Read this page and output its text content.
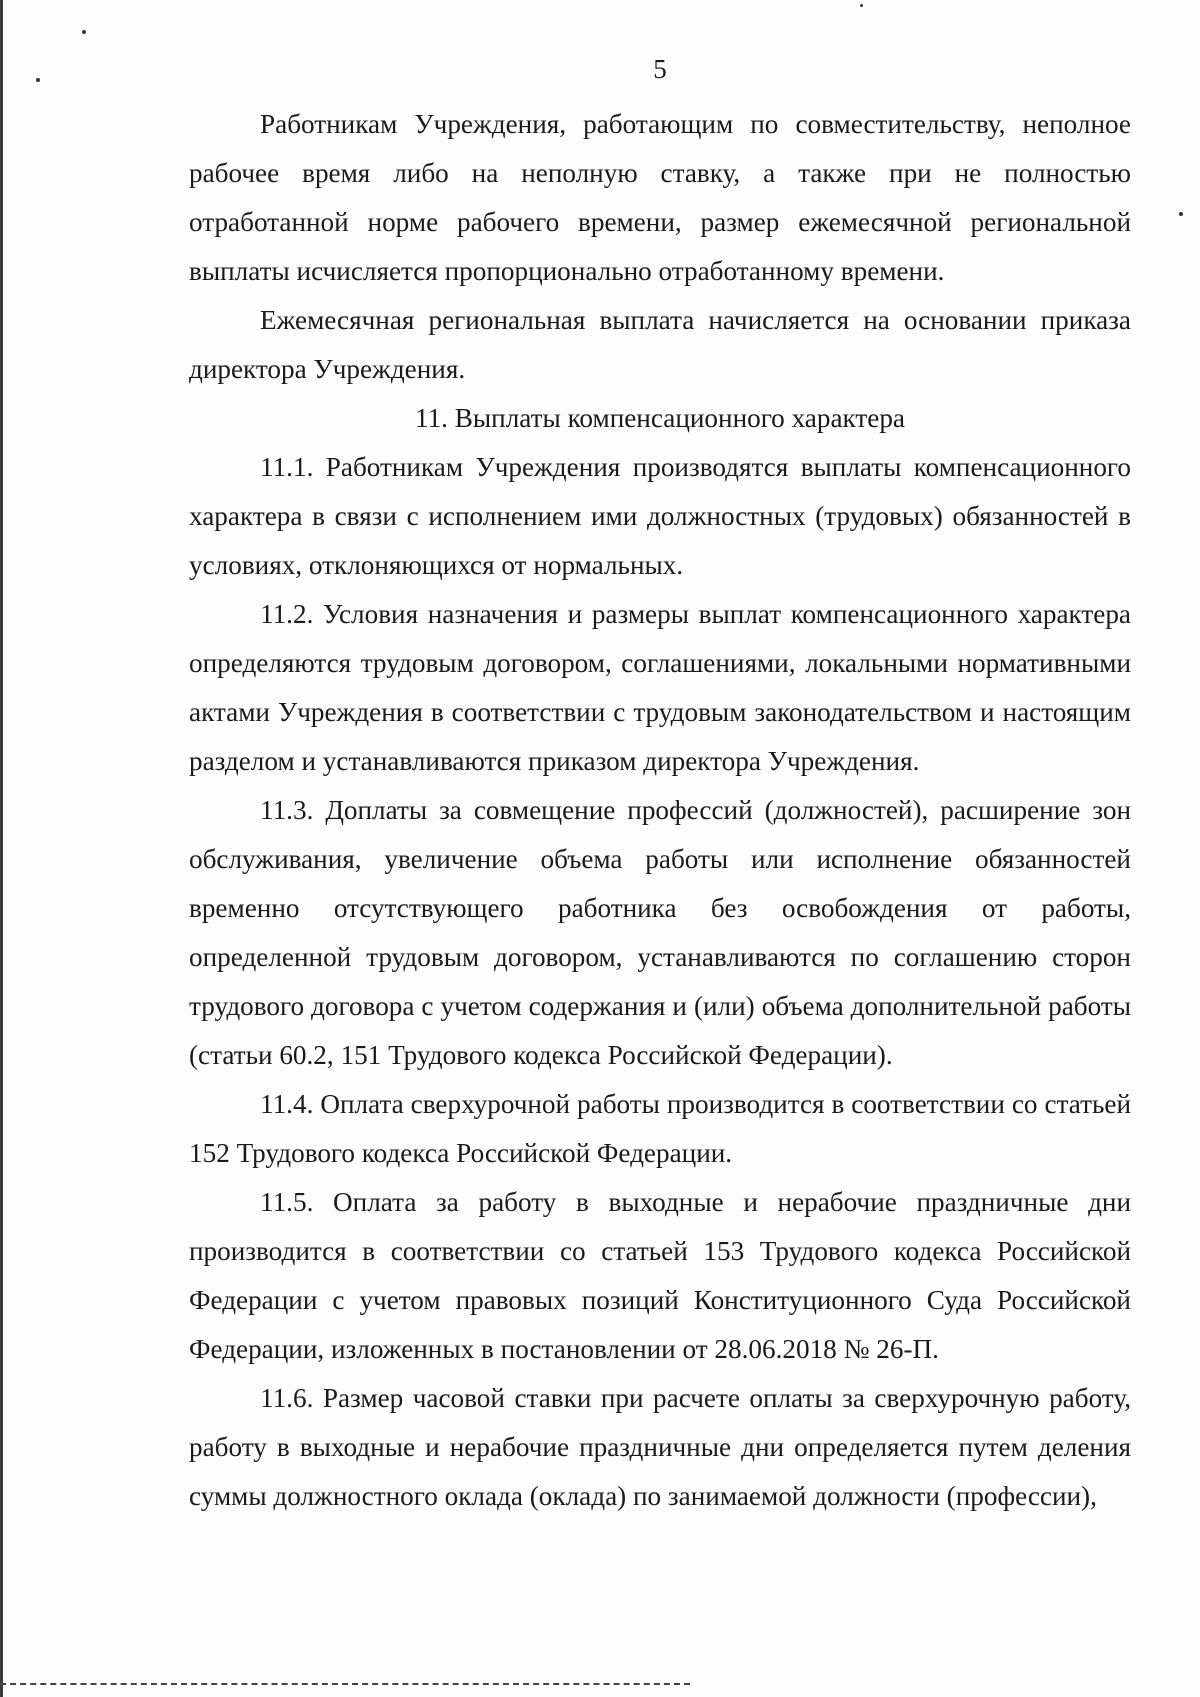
5

Работникам Учреждения, работающим по совместительству, неполное рабочее время либо на неполную ставку, а также при не полностью отработанной норме рабочего времени, размер ежемесячной региональной выплаты исчисляется пропорционально отработанному времени.

Ежемесячная региональная выплата начисляется на основании приказа директора Учреждения.

11. Выплаты компенсационного характера

11.1. Работникам Учреждения производятся выплаты компенсационного характера в связи с исполнением ими должностных (трудовых) обязанностей в условиях, отклоняющихся от нормальных.

11.2. Условия назначения и размеры выплат компенсационного характера определяются трудовым договором, соглашениями, локальными нормативными актами Учреждения в соответствии с трудовым законодательством и настоящим разделом и устанавливаются приказом директора Учреждения.

11.3. Доплаты за совмещение профессий (должностей), расширение зон обслуживания, увеличение объема работы или исполнение обязанностей временно отсутствующего работника без освобождения от работы, определенной трудовым договором, устанавливаются по соглашению сторон трудового договора с учетом содержания и (или) объема дополнительной работы (статьи 60.2, 151 Трудового кодекса Российской Федерации).

11.4. Оплата сверхурочной работы производится в соответствии со статьей 152 Трудового кодекса Российской Федерации.

11.5. Оплата за работу в выходные и нерабочие праздничные дни производится в соответствии со статьей 153 Трудового кодекса Российской Федерации с учетом правовых позиций Конституционного Суда Российской Федерации, изложенных в постановлении от 28.06.2018 № 26-П.

11.6. Размер часовой ставки при расчете оплаты за сверхурочную работу, работу в выходные и нерабочие праздничные дни определяется путем деления суммы должностного оклада (оклада) по занимаемой должности (профессии),
